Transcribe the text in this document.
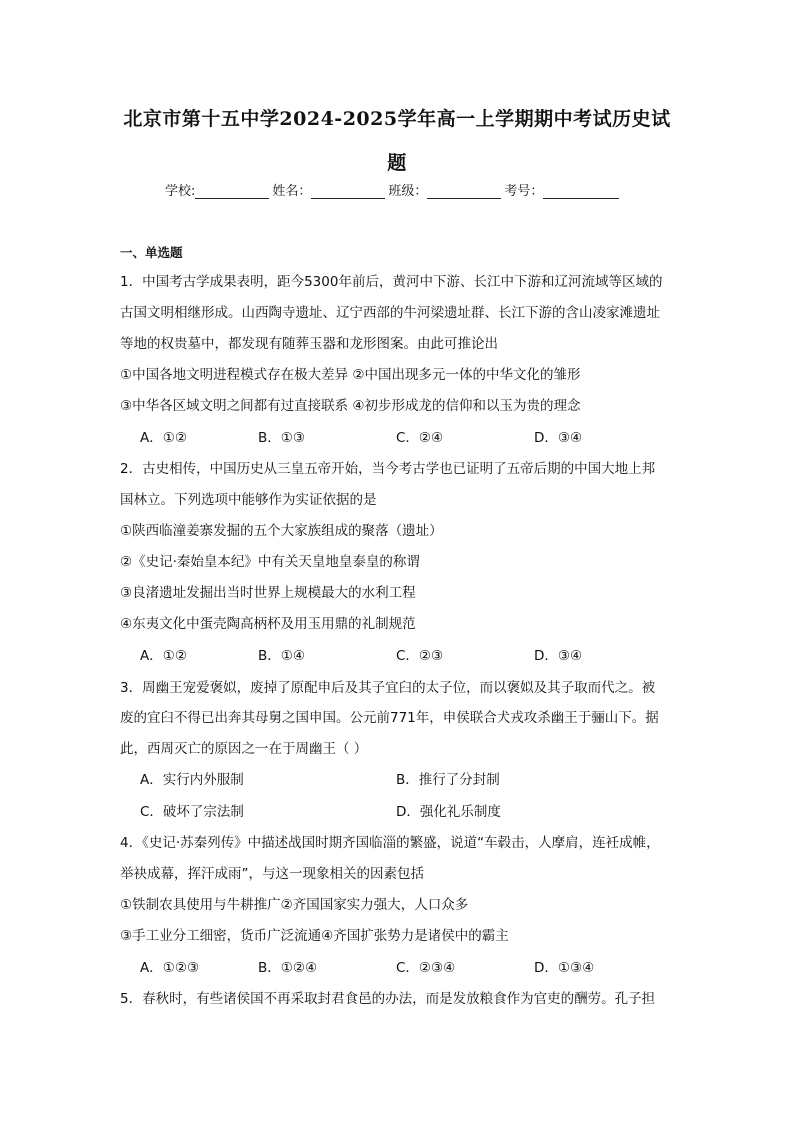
北京市第十五中学2024-2025学年高一上学期期中考试历史试
题
学校:	姓名：	班级：	考号：
一、单选题
1．中国考古学成果表明，距今5300年前后，黄河中下游、长江中下游和辽河流域等区域的
古国文明相继形成。山西陶寺遗址、辽宁西部的牛河梁遗址群、长江下游的含山凌家滩遗址
等地的权贵墓中，都发现有随葬玉器和龙形图案。由此可推论出
①中国各地文明进程模式存在极大差异 ②中国出现多元一体的中华文化的雏形
③中华各区域文明之间都有过直接联系 ④初步形成龙的信仰和以玉为贵的理念
A．①②	B．①③	C．②④	D．③④
2．古史相传，中国历史从三皇五帝开始，当今考古学也已证明了五帝后期的中国大地上邦
国林立。下列选项中能够作为实证依据的是
①陕西临潼姜寨发掘的五个大家族组成的聚落（遗址）
②《史记·秦始皇本纪》中有关天皇地皇泰皇的称谓
③良渚遗址发掘出当时世界上规模最大的水利工程
④东夷文化中蛋壳陶高柄杯及用玉用鼎的礼制规范
A．①②	B．①④	C．②③	D．③④
3．周幽王宠爱褒姒，废掉了原配申后及其子宜臼的太子位，而以褒姒及其子取而代之。被
废的宜臼不得已出奔其母舅之国申国。公元前771年，申侯联合犬戎攻杀幽王于骊山下。据
此，西周灭亡的原因之一在于周幽王（ ）
A．实行内外服制	B．推行了分封制
C．破坏了宗法制	D．强化礼乐制度
4．《史记·苏秦列传》中描述战国时期齐国临淄的繁盛，说道“车毂击，人摩肩，连衽成帷，
举袂成幕，挥汗成雨”，与这一现象相关的因素包括
①铁制农具使用与牛耕推广②齐国国家实力强大，人口众多
③手工业分工细密，货币广泛流通④齐国扩张势力是诸侯中的霸主
A．①②③	B．①②④	C．②③④	D．①③④
5．春秋时，有些诸侯国不再采取封君食邑的办法，而是发放粮食作为官吏的酬劳。孔子担
